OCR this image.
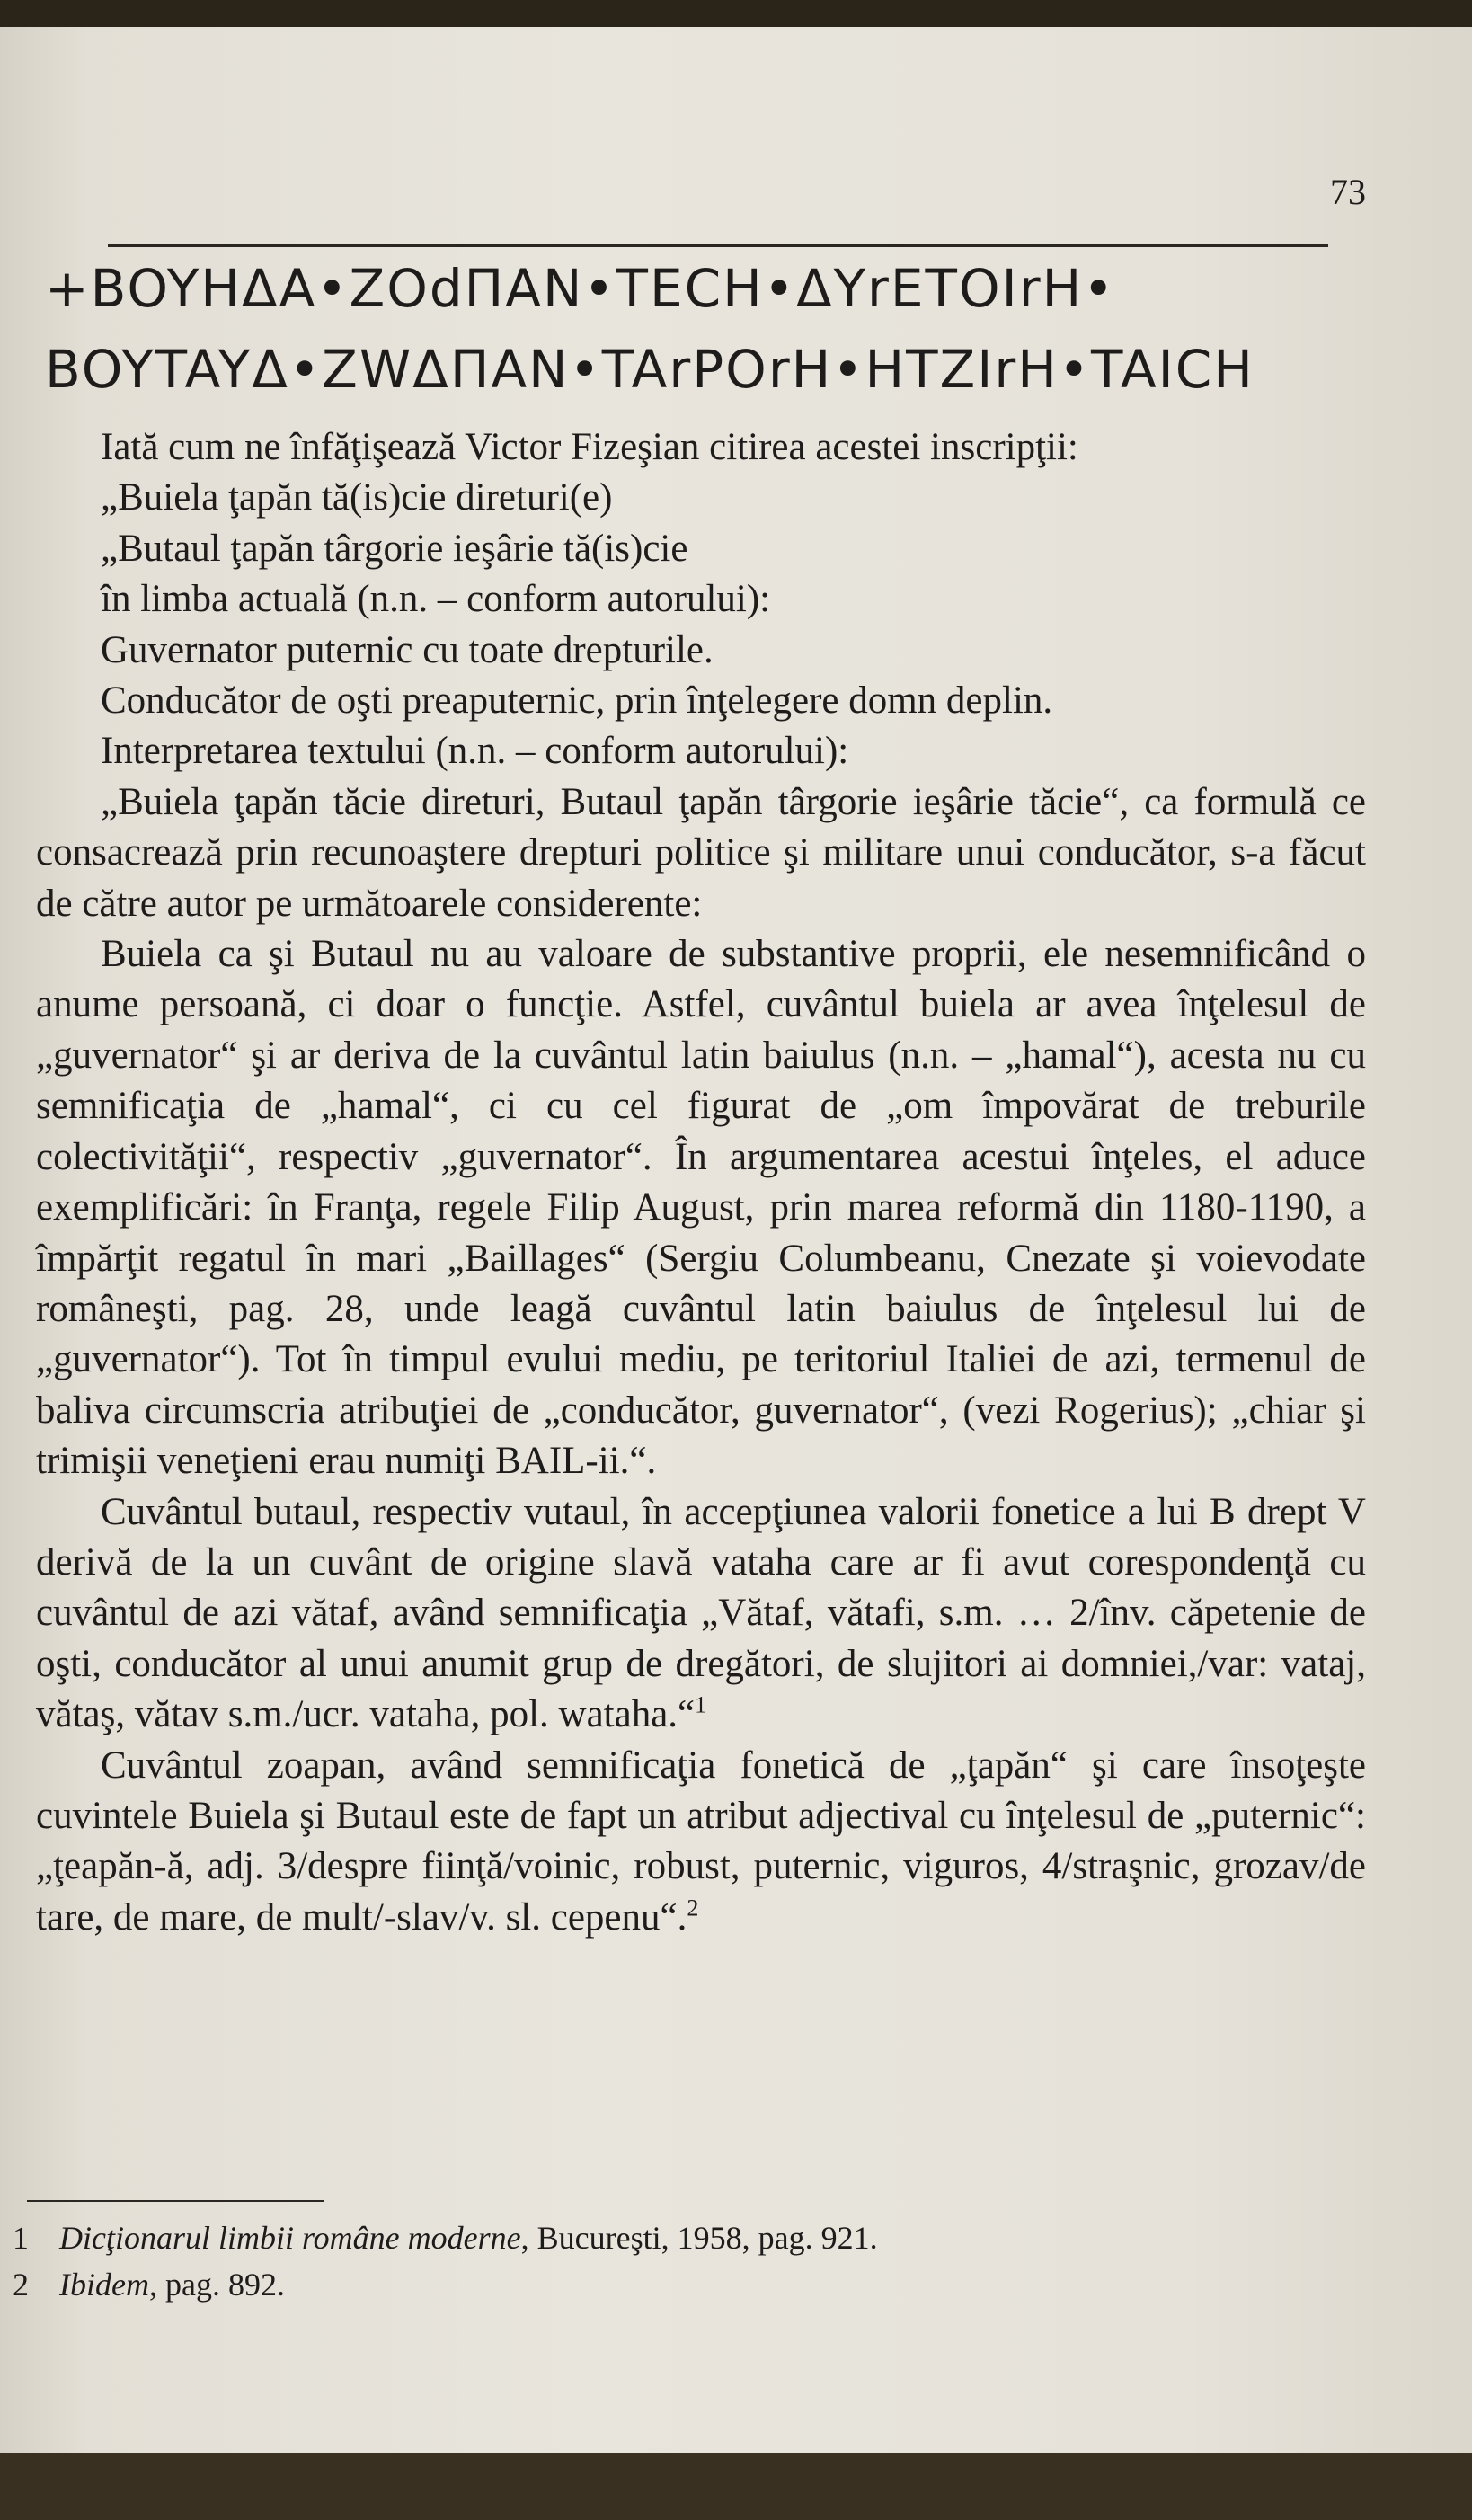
73
+BOYHΔA•ZOdΠAN•TECH•ΔYrETOIrH•
BOYTAYΔ•ZWΔΠAN•TArPOrH•HTZIrH•TAICH

Iată cum ne înfăţişează Victor Fizeşian citirea acestei inscripţii:

„Buiela ţapăn tă(is)cie direturi(e)

„Butaul ţapăn târgorie ieşârie tă(is)cie

în limba actuală (n.n. – conform autorului):

Guvernator puternic cu toate drepturile.

Conducător de oşti preaputernic, prin înţelegere domn deplin.

Interpretarea textului (n.n. – conform autorului):

„Buiela ţapăn tăcie direturi, Butaul ţapăn târgorie ieşârie tăcie“, ca formulă ce consacrează prin recunoaştere drepturi politice şi militare unui conducător, s-a făcut de către autor pe următoarele considerente:

Buiela ca şi Butaul nu au valoare de substantive proprii, ele nesemnificând o anume persoană, ci doar o funcţie. Astfel, cuvântul buiela ar avea înţelesul de „guvernator“ şi ar deriva de la cuvântul latin baiulus (n.n. – „hamal“), acesta nu cu semnificaţia de „hamal“, ci cu cel figurat de „om împovărat de treburile colectivităţii“, respectiv „guvernator“. În argumentarea acestui înţeles, el aduce exemplificări: în Franţa, regele Filip August, prin marea reformă din 1180-1190, a împărţit regatul în mari „Baillages“ (Sergiu Columbeanu, Cnezate şi voievodate româneşti, pag. 28, unde leagă cuvântul latin baiulus de înţelesul lui de „guvernator“). Tot în timpul evului mediu, pe teritoriul Italiei de azi, termenul de baliva circumscria atribuţiei de „conducător, guvernator“, (vezi Rogerius); „chiar şi trimişii veneţieni erau numiţi BAIL-ii.“.

Cuvântul butaul, respectiv vutaul, în accepţiunea valorii fonetice a lui B drept V derivă de la un cuvânt de origine slavă vataha care ar fi avut corespondenţă cu cuvântul de azi vătaf, având semnificaţia „Vătaf, vătafi, s.m. … 2/înv. căpetenie de oşti, conducător al unui anumit grup de dregători, de slujitori ai domniei,/var: vataj, vătaş, vătav s.m./ucr. vataha, pol. wataha.“$^1$

Cuvântul zoapan, având semnificaţia fonetică de „ţapăn“ şi care însoţeşte cuvintele Buiela şi Butaul este de fapt un atribut adjectival cu înţelesul de „puternic“: „ţeapăn-ă, adj. 3/despre fiinţă/voinic, robust, puternic, viguros, 4/straşnic, grozav/de tare, de mare, de mult/-slav/v. sl. cepenu“.$^2$

1 Dicţionarul limbii române moderne, Bucureşti, 1958, pag. 921.
2 Ibidem, pag. 892.
